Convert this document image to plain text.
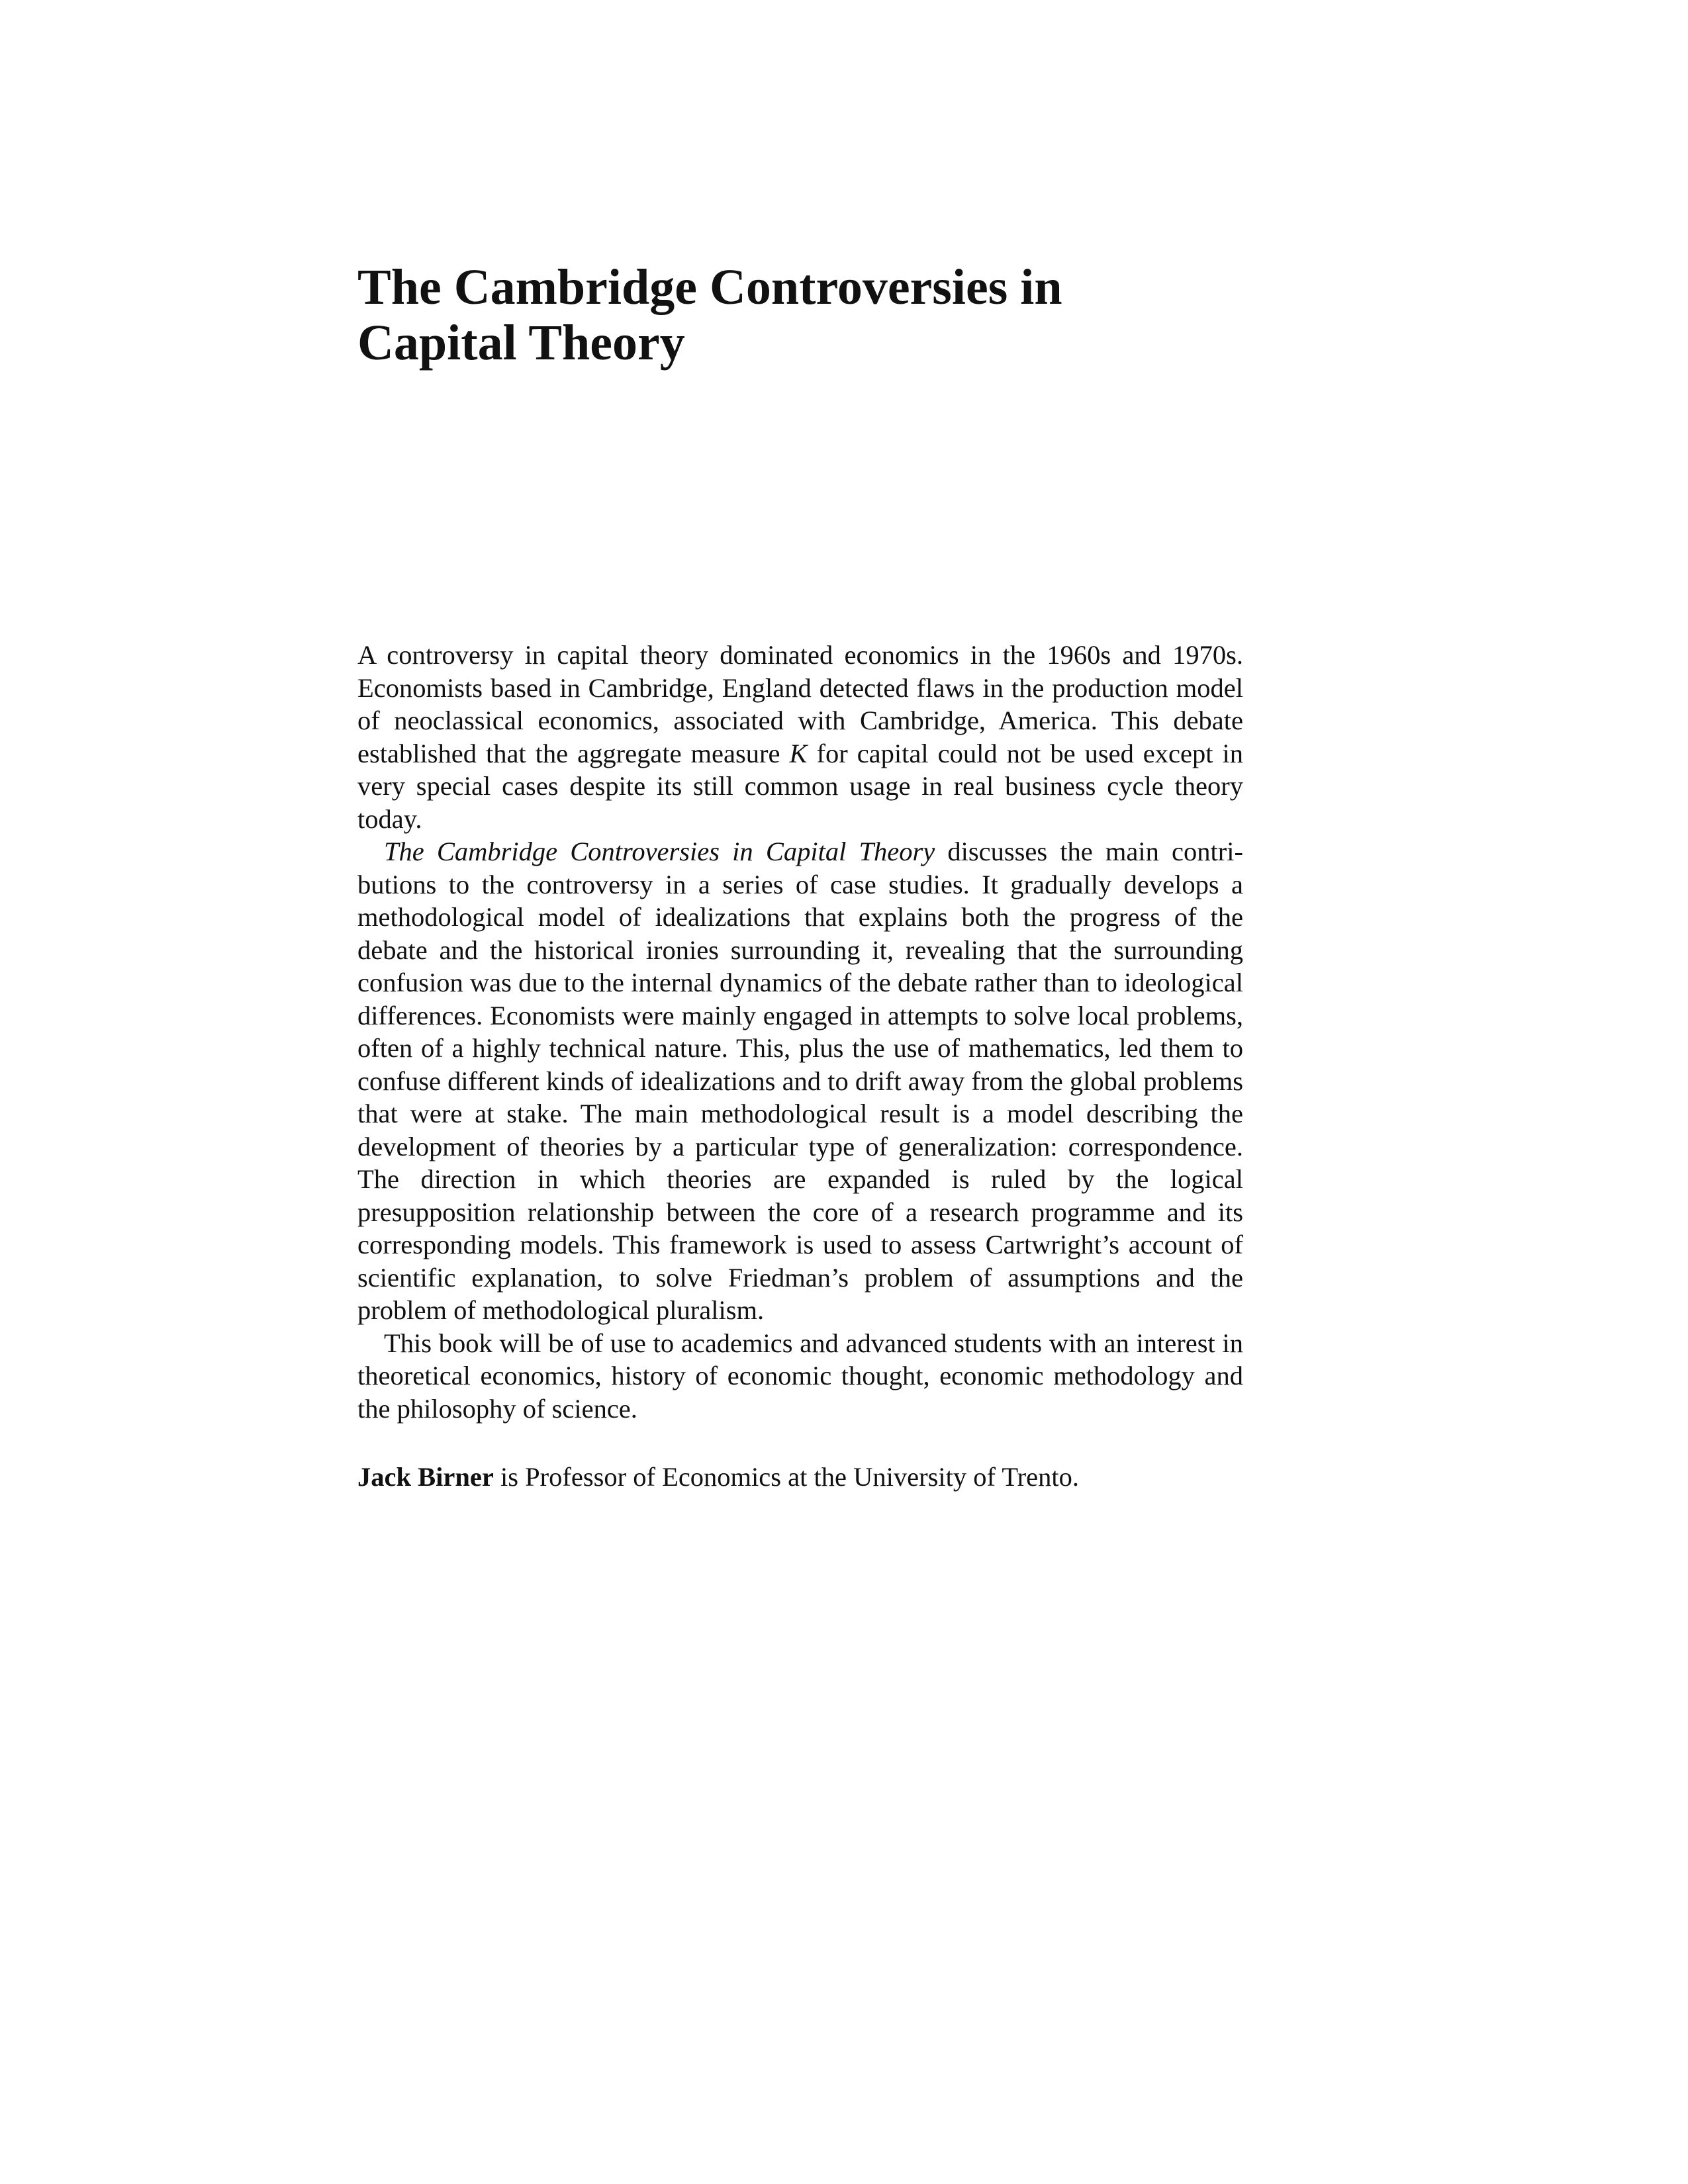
The Cambridge Controversies in
Capital Theory

A controversy in capital theory dominated economics in the 1960s and 1970s. Economists based in Cambridge, England detected flaws in the production model of neoclassical economics, associated with Cambridge, America. This debate established that the aggregate measure K for capital could not be used except in very special cases despite its still common usage in real business cycle theory today.

The Cambridge Controversies in Capital Theory discusses the main contributions to the controversy in a series of case studies. It gradually develops a methodological model of idealizations that explains both the progress of the debate and the historical ironies surrounding it, revealing that the surrounding confusion was due to the internal dynamics of the debate rather than to ideological differences. Economists were mainly engaged in attempts to solve local problems, often of a highly technical nature. This, plus the use of mathematics, led them to confuse different kinds of idealizations and to drift away from the global problems that were at stake. The main methodological result is a model describing the development of theories by a particular type of generalization: correspondence. The direction in which theories are expanded is ruled by the logical presupposition relationship between the core of a research programme and its corresponding models. This framework is used to assess Cartwright’s account of scientific explanation, to solve Friedman’s problem of assumptions and the problem of methodological pluralism.

This book will be of use to academics and advanced students with an interest in theoretical economics, history of economic thought, economic methodology and the philosophy of science.

Jack Birner is Professor of Economics at the University of Trento.
